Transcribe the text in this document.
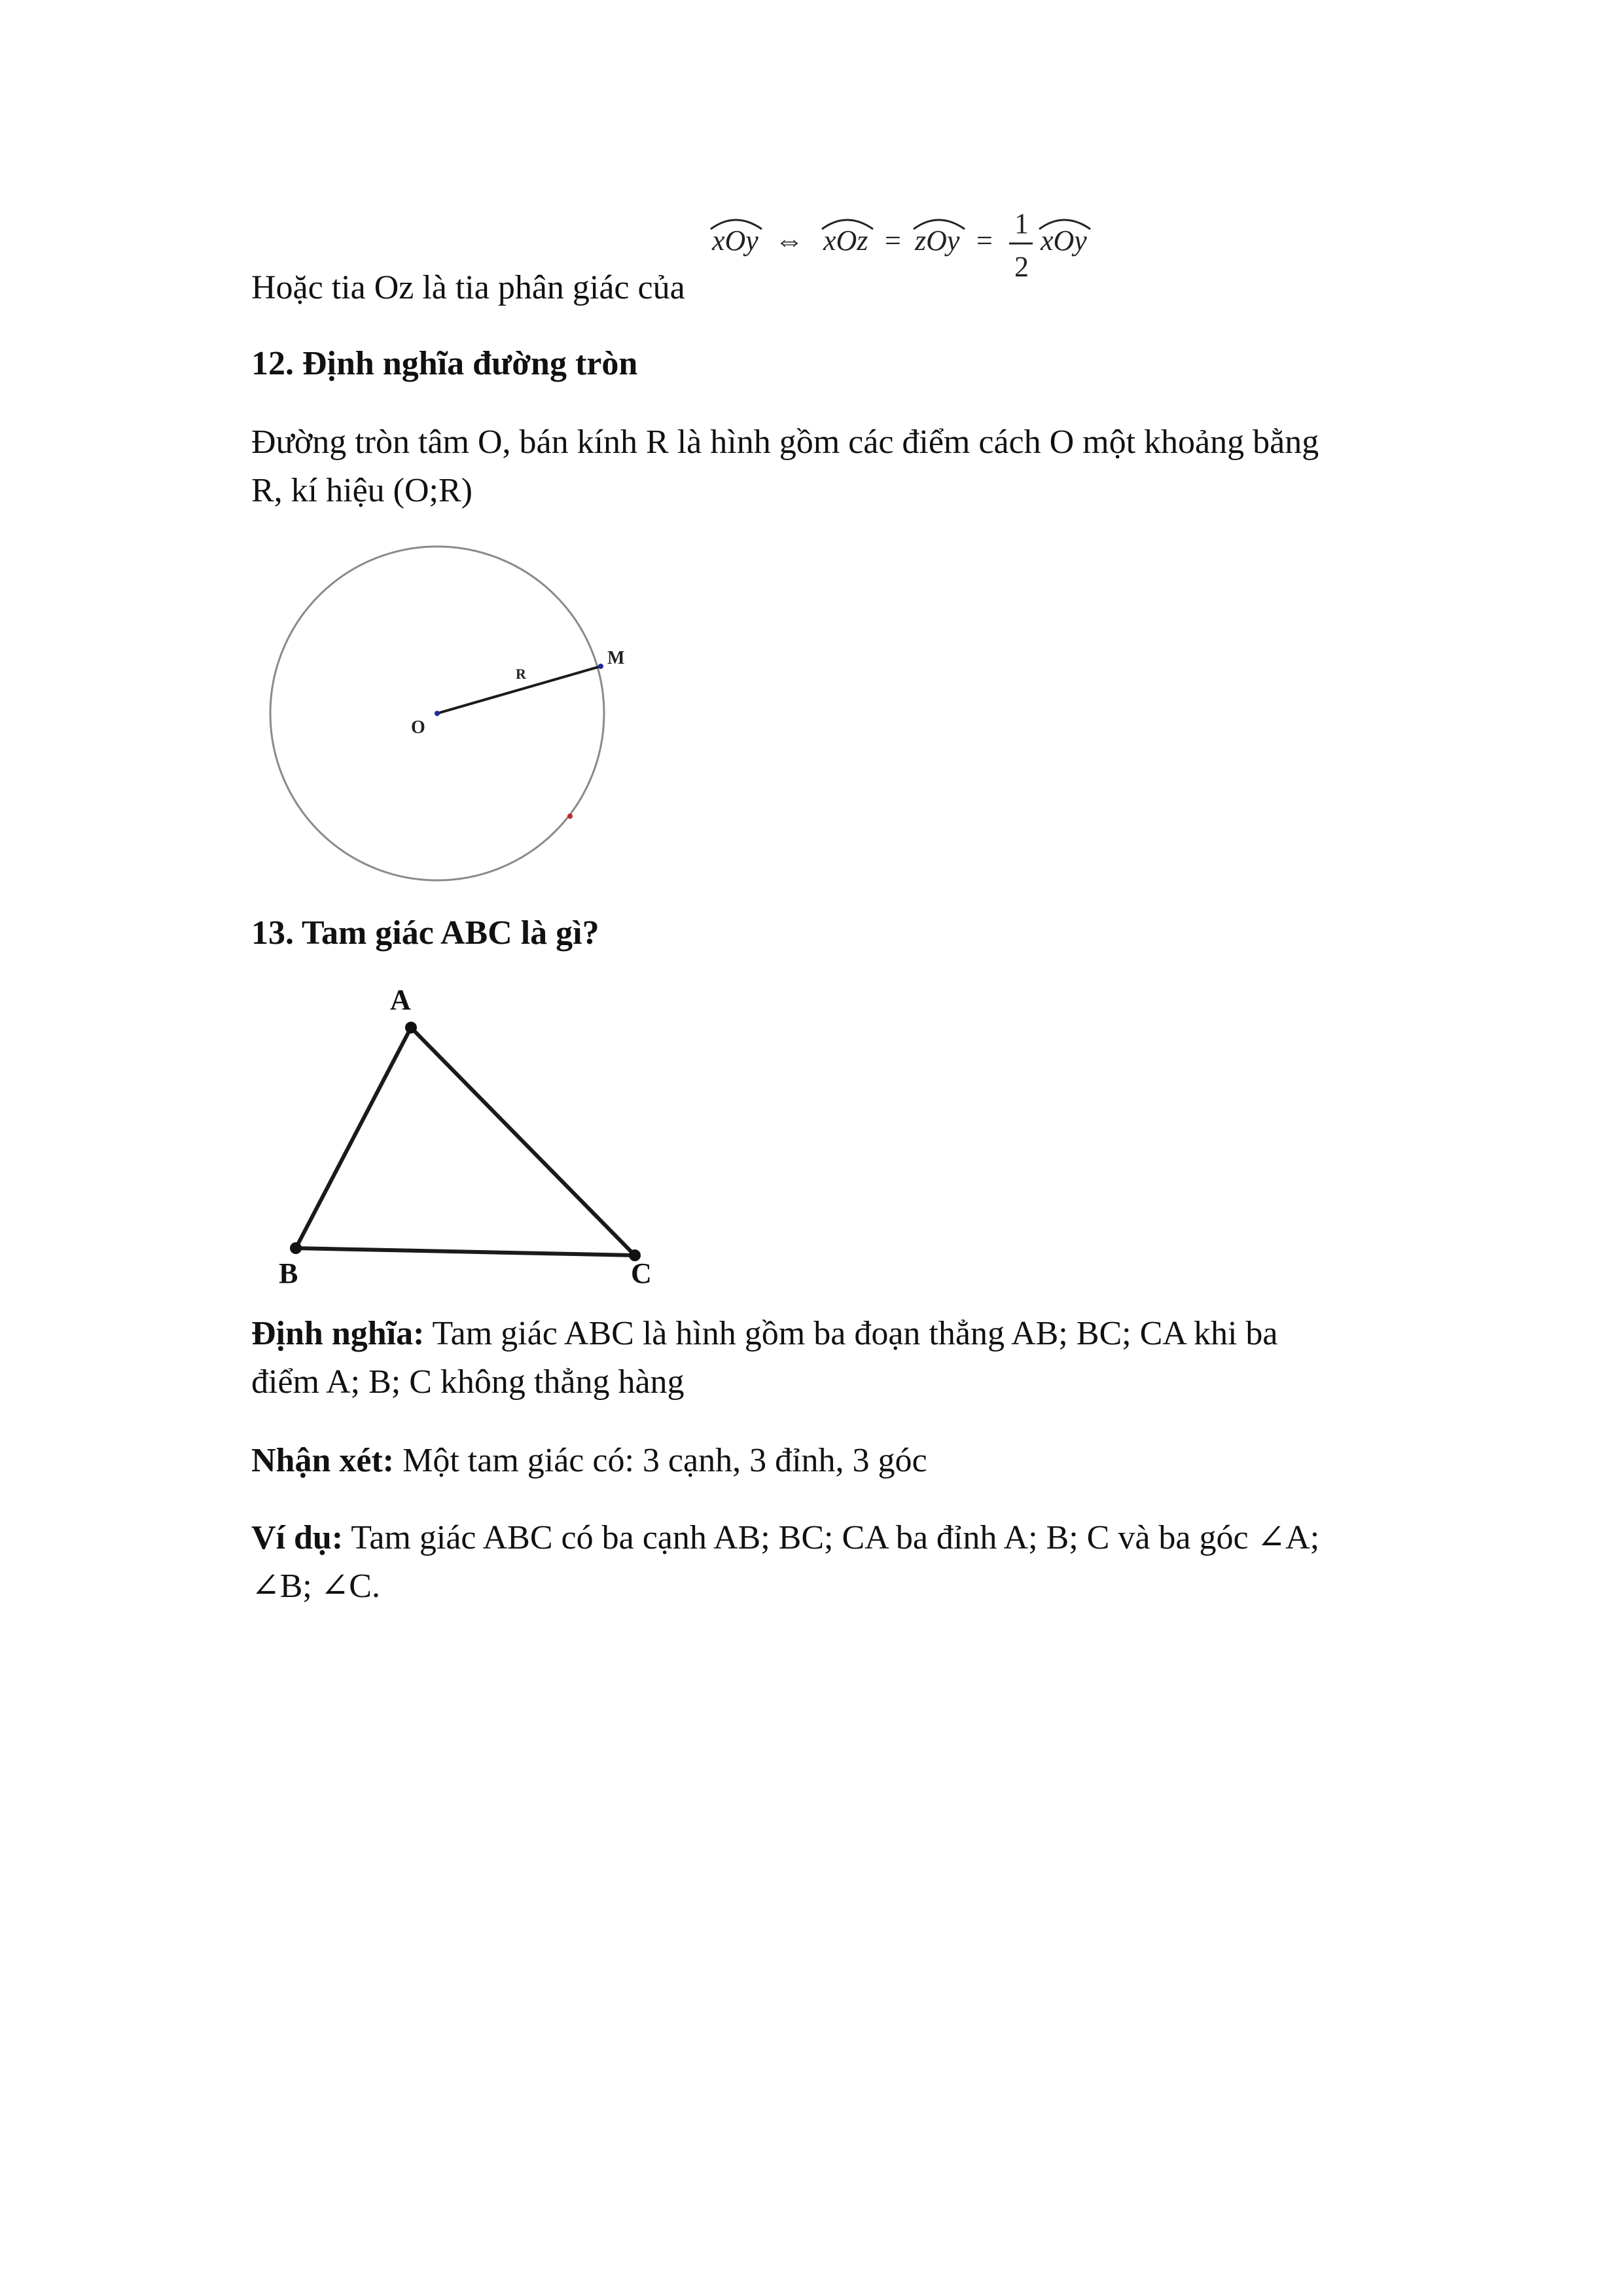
xOy ⇔ xOz = zOy =
1
2
xOy

Hoặc tia Oz là tia phân giác của

12. Định nghĩa đường tròn

Đường tròn tâm O, bán kính R là hình gồm các điểm cách O một khoảng bằng

R, kí hiệu (O;R)

O
R
M

13. Tam giác ABC là gì?

A
B	C

Định nghĩa: Tam giác ABC là hình gồm ba đoạn thẳng AB; BC; CA khi ba

điểm A; B; C không thẳng hàng

Nhận xét: Một tam giác có: 3 cạnh, 3 đỉnh, 3 góc

Ví dụ: Tam giác ABC có ba cạnh AB; BC; CA ba đỉnh A; B; C và ba góc ∠A;

∠B; ∠C.
